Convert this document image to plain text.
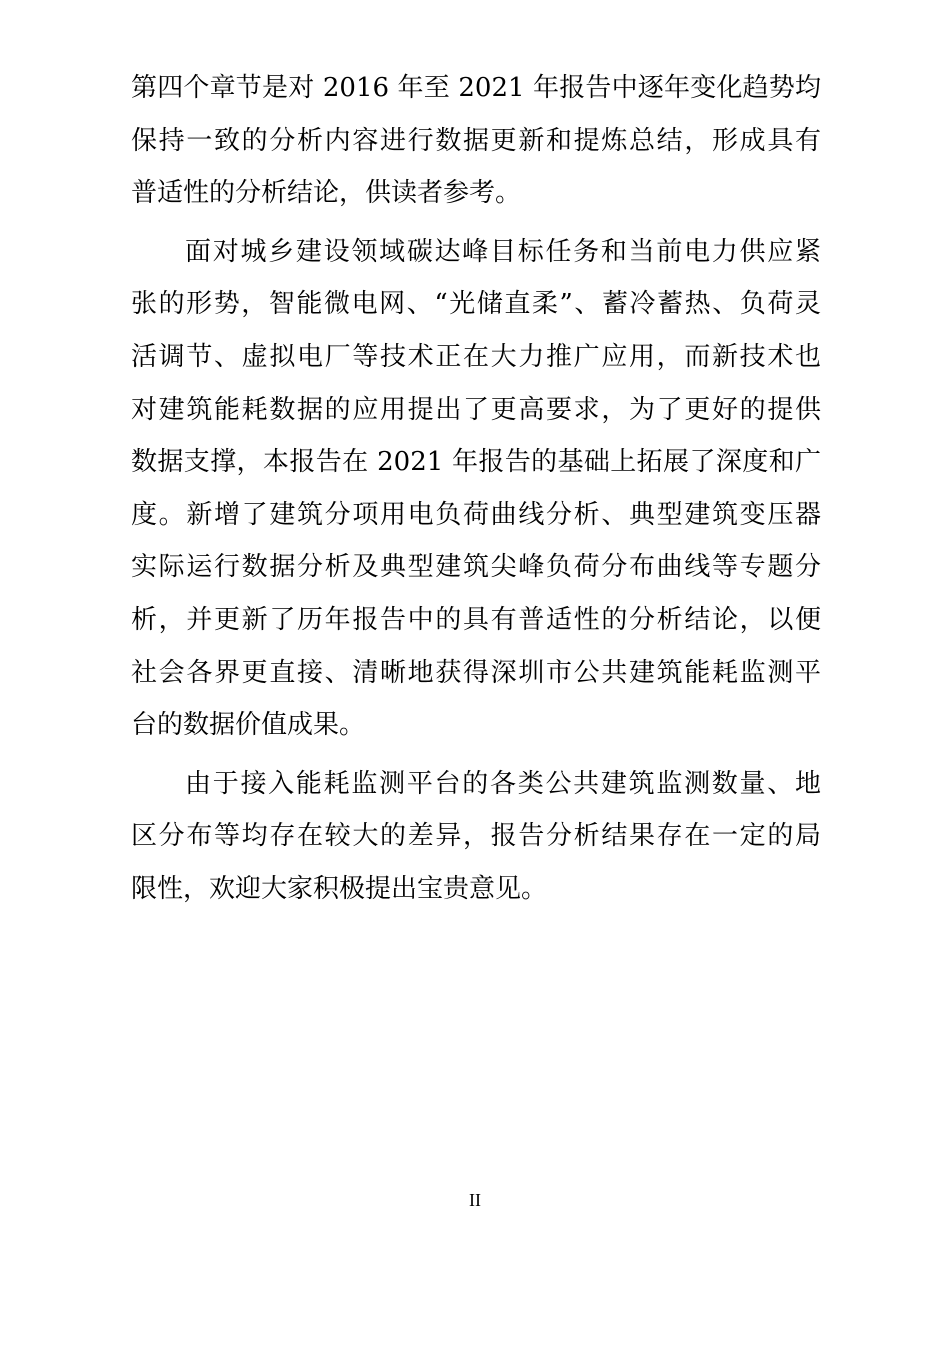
第四个章节是对 2016 年至 2021 年报告中逐年变化趋势均
保持一致的分析内容进行数据更新和提炼总结，形成具有
普适性的分析结论，供读者参考。
面对城乡建设领域碳达峰目标任务和当前电力供应紧
张的形势，智能微电网、“光储直柔”、蓄冷蓄热、负荷灵
活调节、虚拟电厂等技术正在大力推广应用，而新技术也
对建筑能耗数据的应用提出了更高要求，为了更好的提供
数据支撑，本报告在 2021 年报告的基础上拓展了深度和广
度。新增了建筑分项用电负荷曲线分析、典型建筑变压器
实际运行数据分析及典型建筑尖峰负荷分布曲线等专题分
析，并更新了历年报告中的具有普适性的分析结论，以便
社会各界更直接、清晰地获得深圳市公共建筑能耗监测平
台的数据价值成果。
由于接入能耗监测平台的各类公共建筑监测数量、地
区分布等均存在较大的差异，报告分析结果存在一定的局
限性，欢迎大家积极提出宝贵意见。
II
